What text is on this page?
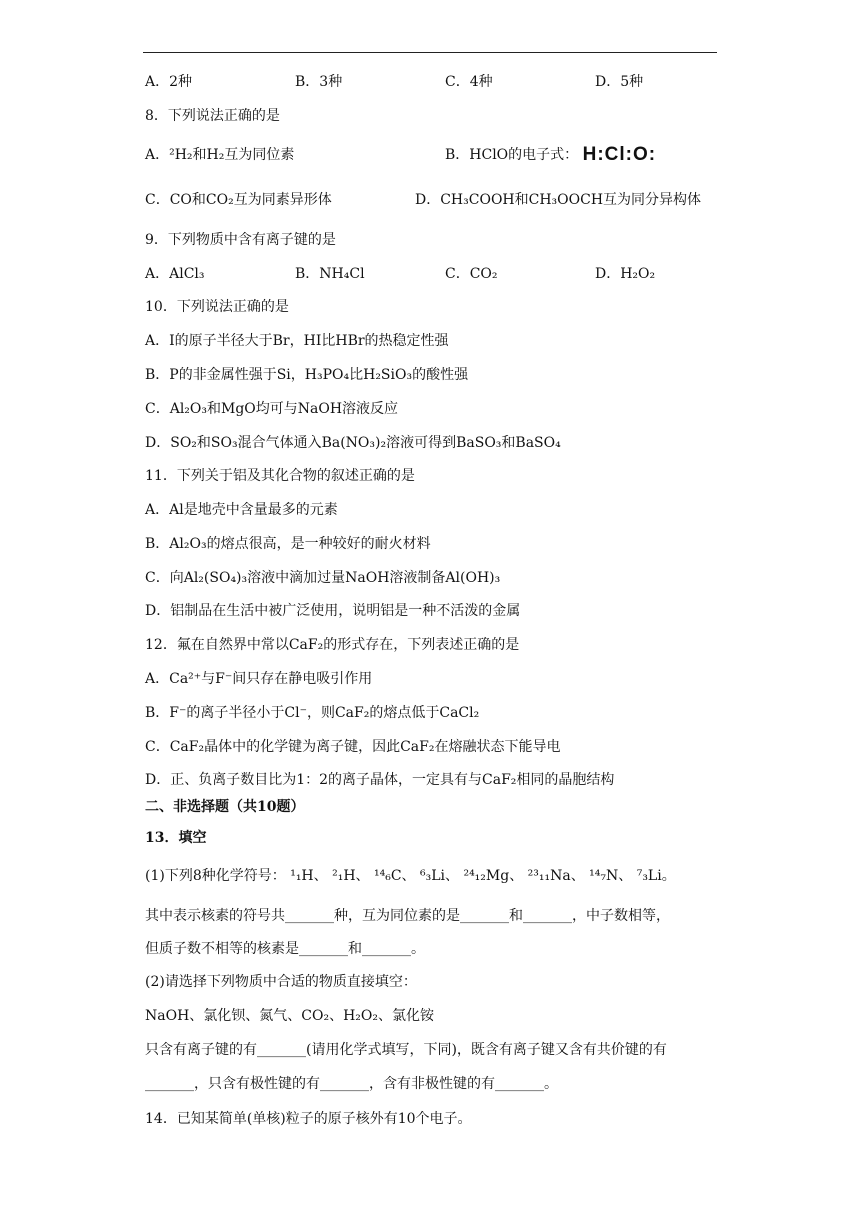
A．2种	B．3种	C．4种	D．5种
8．下列说法正确的是
A．²H₂和H₂互为同位素	B．HClO的电子式： H:Cl:O:
C．CO和CO₂互为同素异形体	D．CH₃COOH和CH₃OOCH互为同分异构体
9．下列物质中含有离子键的是
A．AlCl₃	B．NH₄Cl	C．CO₂	D．H₂O₂
10．下列说法正确的是
A．I的原子半径大于Br，HI比HBr的热稳定性强
B．P的非金属性强于Si，H₃PO₄比H₂SiO₃的酸性强
C．Al₂O₃和MgO均可与NaOH溶液反应
D．SO₂和SO₃混合气体通入Ba(NO₃)₂溶液可得到BaSO₃和BaSO₄
11．下列关于铝及其化合物的叙述正确的是
A．Al是地壳中含量最多的元素
B．Al₂O₃的熔点很高，是一种较好的耐火材料
C．向Al₂(SO₄)₃溶液中滴加过量NaOH溶液制备Al(OH)₃
D．铝制品在生活中被广泛使用，说明铝是一种不活泼的金属
12．氟在自然界中常以CaF₂的形式存在，下列表述正确的是
A．Ca²⁺与F⁻间只存在静电吸引作用
B．F⁻的离子半径小于Cl⁻，则CaF₂的熔点低于CaCl₂
C．CaF₂晶体中的化学键为离子键，因此CaF₂在熔融状态下能导电
D．正、负离子数目比为1：2的离子晶体，一定具有与CaF₂相同的晶胞结构
二、非选择题（共10题）
13．填空
(1)下列8种化学符号： ¹₁H、 ²₁H、 ¹⁴₆C、 ⁶₃Li、 ²⁴₁₂Mg、 ²³₁₁Na、 ¹⁴₇N、 ⁷₃Li。
其中表示核素的符号共_______种，互为同位素的是_______和_______，中子数相等，
但质子数不相等的核素是_______和_______。
(2)请选择下列物质中合适的物质直接填空：
NaOH、氯化钡、氮气、CO₂、H₂O₂、氯化铵
只含有离子键的有_______(请用化学式填写，下同)，既含有离子键又含有共价键的有
_______，只含有极性键的有_______，含有非极性键的有_______。
14．已知某简单(单核)粒子的原子核外有10个电子。
